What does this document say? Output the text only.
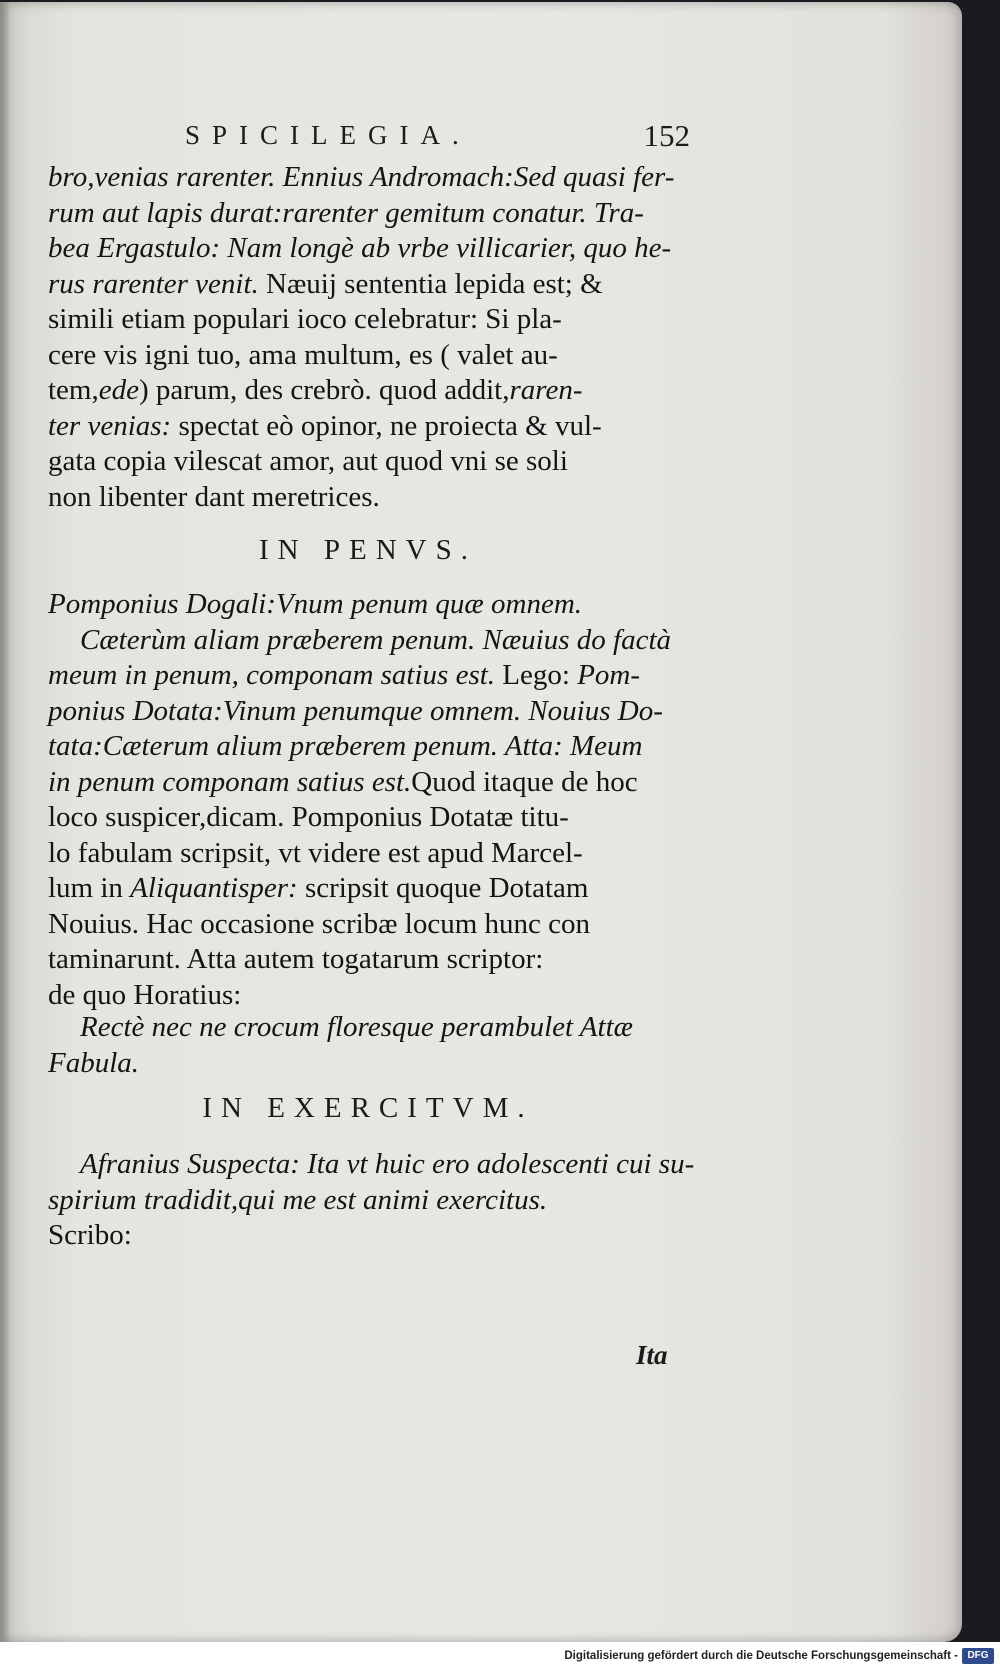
SPICILEGIA.	152
bro,venias rarenter. Ennius Andromach:Sed quasi fer-
rum aut lapis durat:rarenter gemitum conatur. Tra-
bea Ergastulo: Nam longè ab vrbe villicarier, quo he-
rus rarenter venit. Næuij sententia lepida est; &
simili etiam populari ioco celebratur: Si pla-
cere vis igni tuo, ama multum, es ( valet au-
tem,ede) parum, des crebrò. quod addit,raren-
ter venias: spectat eò opinor, ne proiecta & vul-
gata copia vilescat amor, aut quod vni se soli
non libenter dant meretrices.
IN PENVS.
Pomponius Dogali:Vnum penum quæ omnem.
Cæterùm aliam præberem penum. Næuius do factà
meum in penum, componam satius est. Lego: Pom-
ponius Dotata:Vinum penumque omnem. Nouius Do-
tata:Cæterum alium præberem penum. Atta: Meum
in penum componam satius est.Quod itaque de hoc
loco suspicer,dicam. Pomponius Dotatæ titu-
lo fabulam scripsit, vt videre est apud Marcel-
lum in Aliquantisper: scripsit quoque Dotatam
Nouius. Hac occasione scribæ locum hunc con
taminarunt. Atta autem togatarum scriptor:
de quo Horatius:
Rectè nec ne crocum floresque perambulet Attæ
Fabula.
IN EXERCITVM.
Afranius Suspecta: Ita vt huic ero adolescenti cui su-
spirium tradidit,qui me est animi exercitus.
Scribo:
Ita
Digitalisierung gefördert durch die Deutsche Forschungsgemeinschaft - DFG
